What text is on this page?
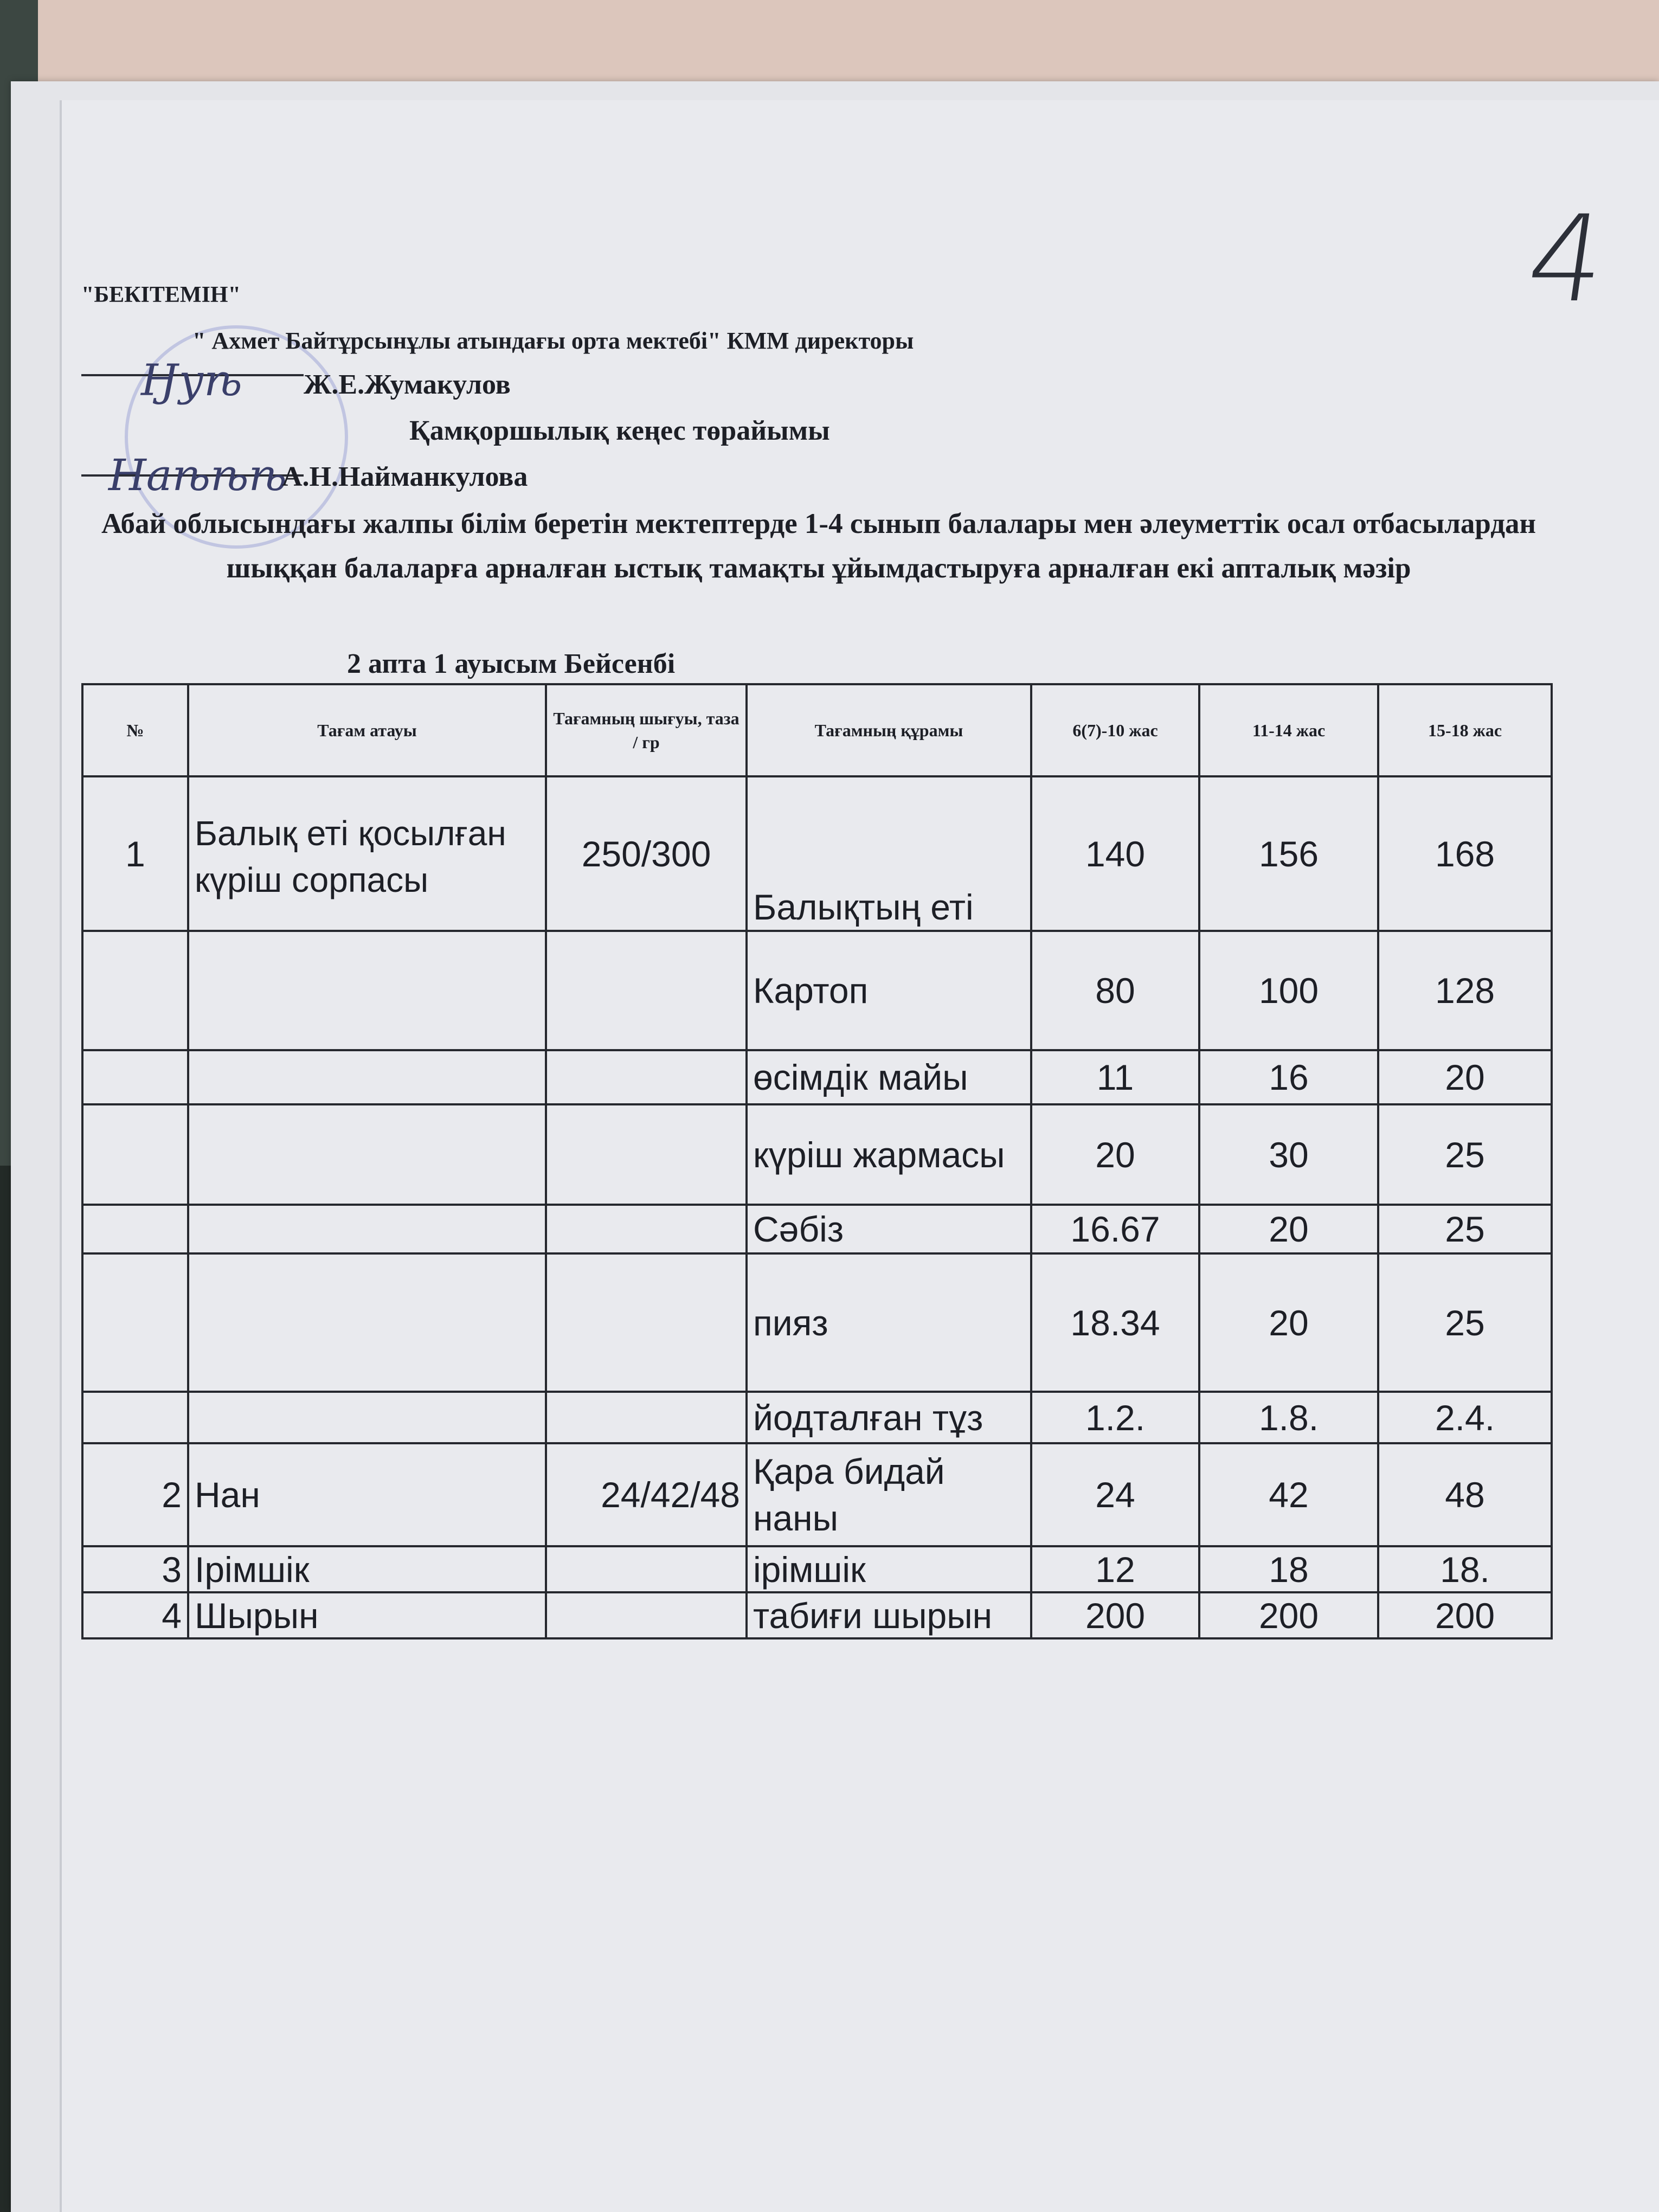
4
"БЕКІТЕМІН"
" Ахмет Байтұрсынұлы атындағы орта мектебі" КММ директоры
Ӈуѣ Ж.Е.Жумакулов
Қамқоршылық кеңес төрайымы
Наѣѣѣ
А.Н.Найманкулова
Абай облысындағы жалпы білім беретін мектептерде 1-4 сынып балалары мен әлеуметтік осал отбасылардан шыққан балаларға арналған ыстық тамақты ұйымдастыруға арналған екі апталық мәзір
2 апта 1 ауысым Бейсенбі
№	Тағам атауы	Тағамның шығуы, таза / гр	Тағамның құрамы	6(7)-10 жас	11-14 жас	15-18 жас
1	Балық еті қосылған күріш сорпасы	250/300	Балықтың еті	140	156	168
			Картоп	80	100	128
			өсімдік майы	11	16	20
			күріш жармасы	20	30	25
			Сәбіз	16.67	20	25
			пияз	18.34	20	25
			йодталған тұз	1.2.	1.8.	2.4.
2	Нан	24/42/48	Қара бидай наны	24	42	48
3	Ірімшік		ірімшік	12	18	18.
4	Шырын		табиғи шырын	200	200	200
